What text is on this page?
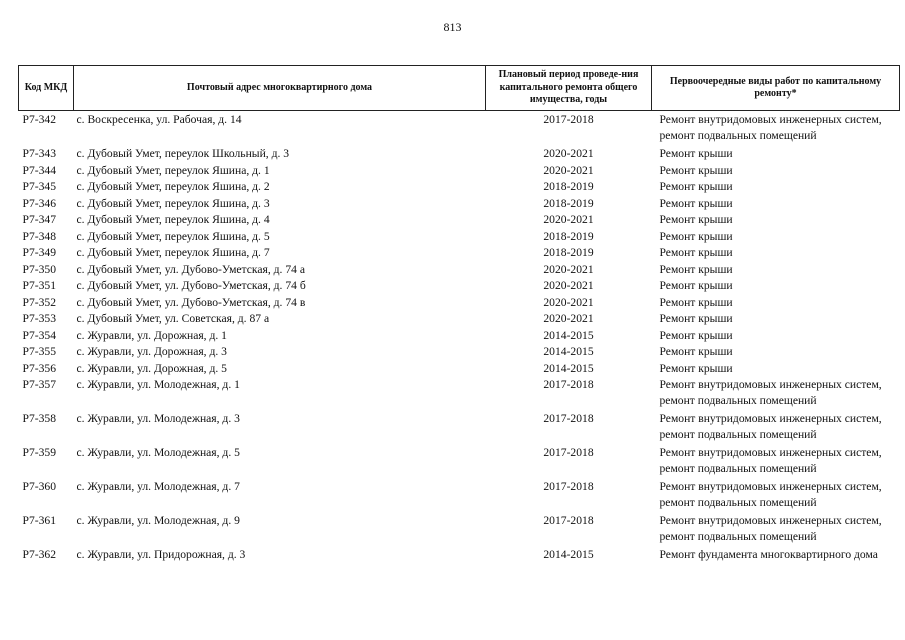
813
Код МКД	Почтовый адрес многоквартирного дома	Плановый период проведе-ния капитального ремонта общего имущества, годы	Первоочередные виды работ по капитальному ремонту*
Р7-342	с. Воскресенка, ул. Рабочая, д. 14	2017-2018	Ремонт внутридомовых инженерных систем,
ремонт подвальных помещений

Р7-343	с. Дубовый Умет, переулок Школьный, д. 3	2020-2021	Ремонт крыши

Р7-344	с. Дубовый Умет, переулок Яшина, д. 1	2020-2021	Ремонт крыши

Р7-345	с. Дубовый Умет, переулок Яшина, д. 2	2018-2019	Ремонт крыши

Р7-346	с. Дубовый Умет, переулок Яшина, д. 3	2018-2019	Ремонт крыши

Р7-347	с. Дубовый Умет, переулок Яшина, д. 4	2020-2021	Ремонт крыши

Р7-348	с. Дубовый Умет, переулок Яшина, д. 5	2018-2019	Ремонт крыши

Р7-349	с. Дубовый Умет, переулок Яшина, д. 7	2018-2019	Ремонт крыши

Р7-350	с. Дубовый Умет, ул. Дубово-Уметская, д. 74 а	2020-2021	Ремонт крыши

Р7-351	с. Дубовый Умет, ул. Дубово-Уметская, д. 74 б	2020-2021	Ремонт крыши

Р7-352	с. Дубовый Умет, ул. Дубово-Уметская, д. 74 в	2020-2021	Ремонт крыши

Р7-353	с. Дубовый Умет, ул. Советская, д. 87 а	2020-2021	Ремонт крыши

Р7-354	с. Журавли, ул. Дорожная, д. 1	2014-2015	Ремонт крыши

Р7-355	с. Журавли, ул. Дорожная, д. 3	2014-2015	Ремонт крыши

Р7-356	с. Журавли, ул. Дорожная, д. 5	2014-2015	Ремонт крыши

Р7-357	с. Журавли, ул. Молодежная, д. 1	2017-2018	Ремонт внутридомовых инженерных систем,
ремонт подвальных помещений

Р7-358	с. Журавли, ул. Молодежная, д. 3	2017-2018	Ремонт внутридомовых инженерных систем,
ремонт подвальных помещений

Р7-359	с. Журавли, ул. Молодежная, д. 5	2017-2018	Ремонт внутридомовых инженерных систем,
ремонт подвальных помещений

Р7-360	с. Журавли, ул. Молодежная, д. 7	2017-2018	Ремонт внутридомовых инженерных систем,
ремонт подвальных помещений

Р7-361	с. Журавли, ул. Молодежная, д. 9	2017-2018	Ремонт внутридомовых инженерных систем,
ремонт подвальных помещений

Р7-362	с. Журавли, ул. Придорожная, д. 3	2014-2015	Ремонт фундамента многоквартирного дома
